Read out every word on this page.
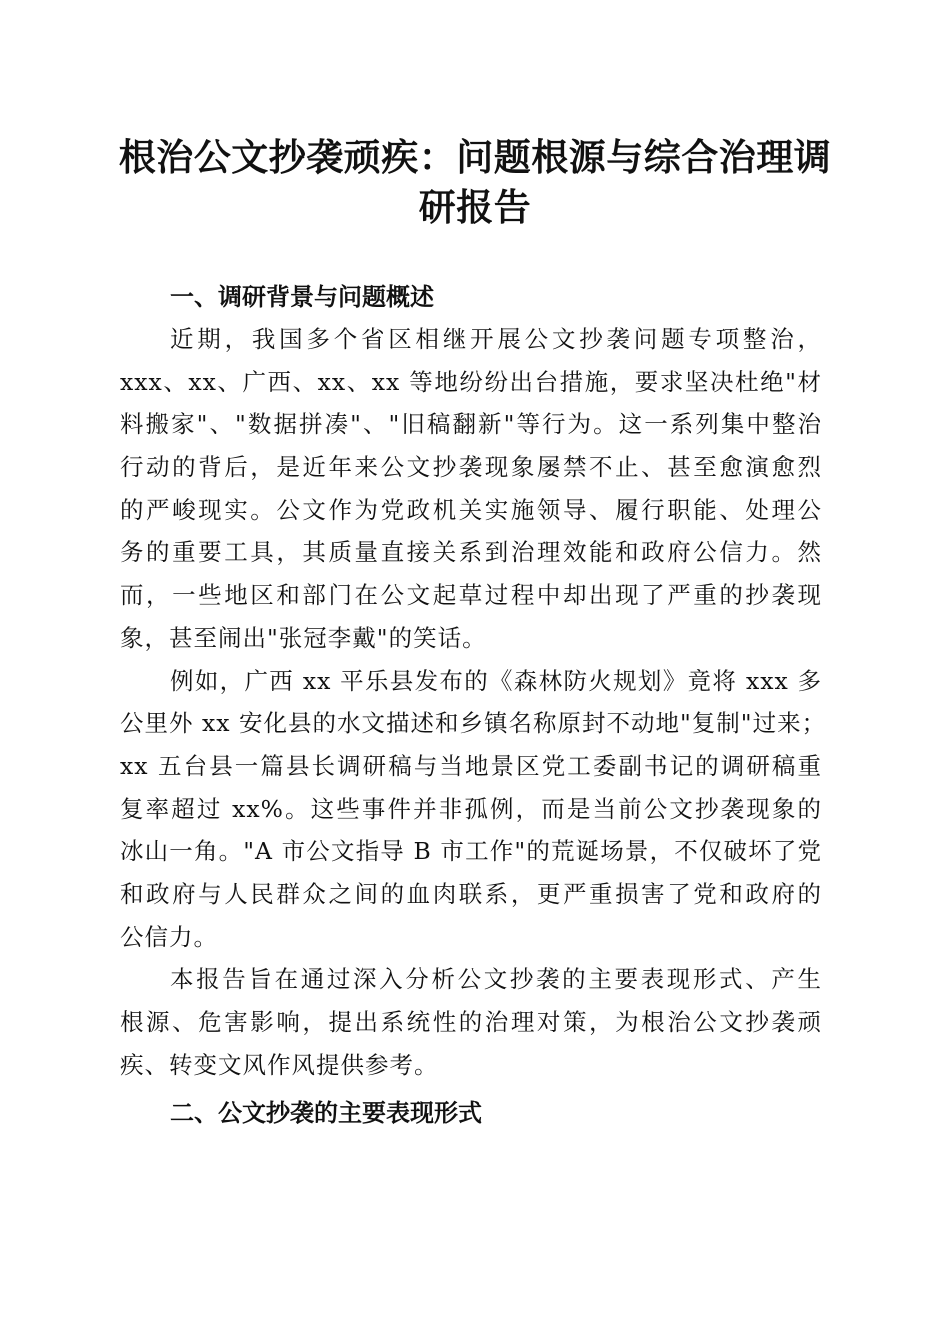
根治公文抄袭顽疾：问题根源与综合治理调研报告
一、调研背景与问题概述

近期，我国多个省区相继开展公文抄袭问题专项整治，
xxx、xx、广西、xx、xx 等地纷纷出台措施，要求坚决杜绝"材
料搬家"、"数据拼凑"、"旧稿翻新"等行为。这一系列集中整治
行动的背后，是近年来公文抄袭现象屡禁不止、甚至愈演愈烈
的严峻现实。公文作为党政机关实施领导、履行职能、处理公
务的重要工具，其质量直接关系到治理效能和政府公信力。然
而，一些地区和部门在公文起草过程中却出现了严重的抄袭现
象，甚至闹出"张冠李戴"的笑话。

例如，广西 xx 平乐县发布的《森林防火规划》竟将 xxx 多
公里外 xx 安化县的水文描述和乡镇名称原封不动地"复制"过来；
xx 五台县一篇县长调研稿与当地景区党工委副书记的调研稿重
复率超过 xx%。这些事件并非孤例，而是当前公文抄袭现象的
冰山一角。"A 市公文指导 B 市工作"的荒诞场景，不仅破坏了党
和政府与人民群众之间的血肉联系，更严重损害了党和政府的
公信力。

本报告旨在通过深入分析公文抄袭的主要表现形式、产生
根源、危害影响，提出系统性的治理对策，为根治公文抄袭顽
疾、转变文风作风提供参考。

二、公文抄袭的主要表现形式
